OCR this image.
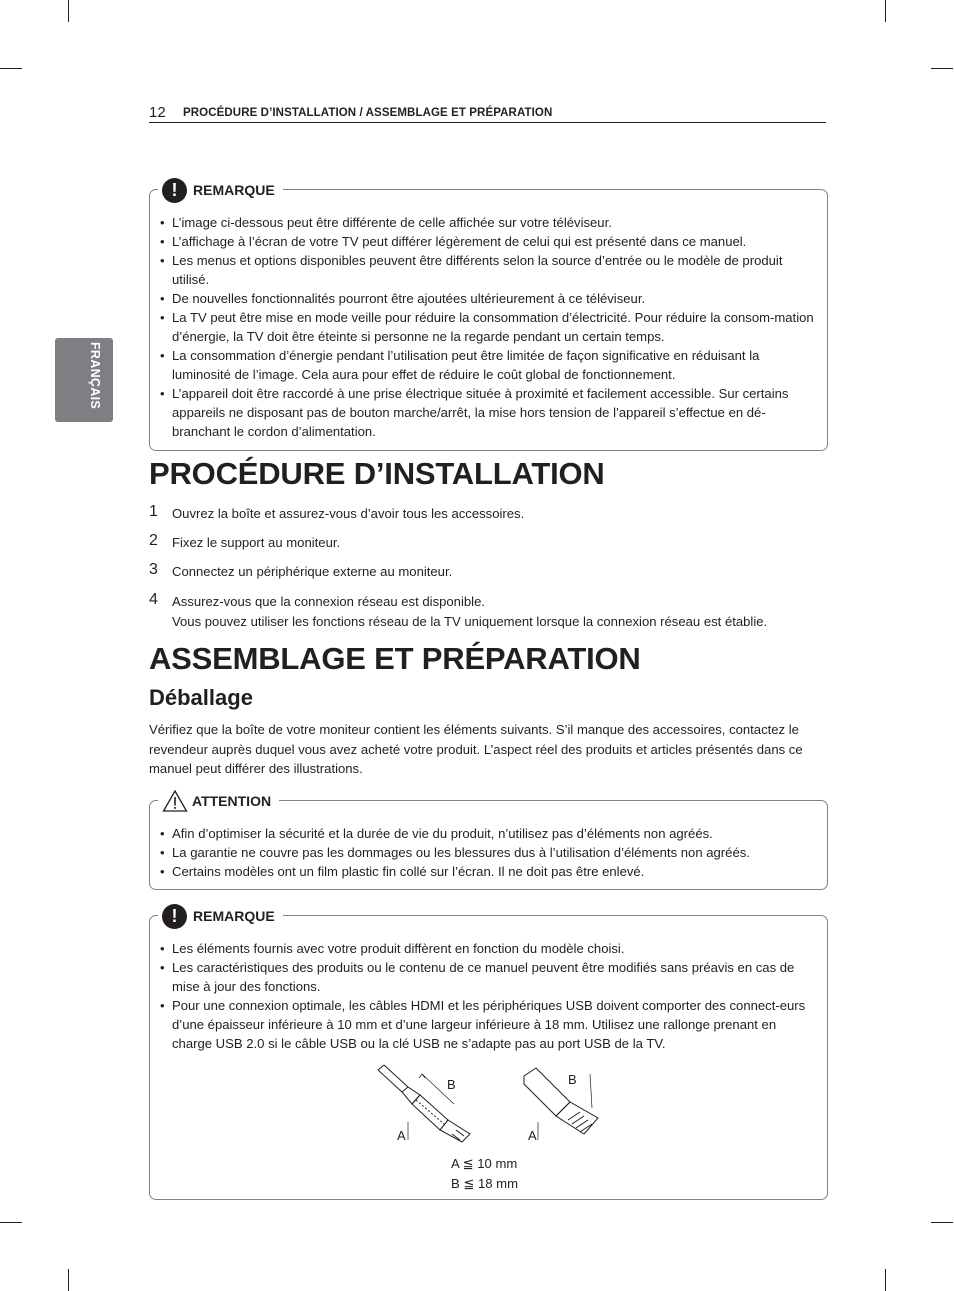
12 PROCÉDURE D’INSTALLATION / ASSEMBLAGE ET PRÉPARATION
FRANÇAIS
!	REMARQUE
• L’image ci-dessous peut être différente de celle affichée sur votre téléviseur.
• L’affichage à l’écran de votre TV peut différer légèrement de celui qui est présenté dans ce manuel.
• Les menus et options disponibles peuvent être différents selon la source d’entrée ou le modèle de produit utilisé.
• De nouvelles fonctionnalités pourront être ajoutées ultérieurement à ce téléviseur.
• La TV peut être mise en mode veille pour réduire la consommation d’électricité. Pour réduire la consom-mation d’énergie, la TV doit être éteinte si personne ne la regarde pendant un certain temps.
• La consommation d’énergie pendant l’utilisation peut être limitée de façon significative en réduisant la luminosité de l’image. Cela aura pour effet de réduire le coût global de fonctionnement.
• L’appareil doit être raccordé à une prise électrique située à proximité et facilement accessible. Sur certains appareils ne disposant pas de bouton marche/arrêt, la mise hors tension de l’appareil s’effectue en dé-branchant le cordon d’alimentation.
PROCÉDURE D’INSTALLATION
1 Ouvrez la boîte et assurez-vous d’avoir tous les accessoires.
2 Fixez le support au moniteur.
3 Connectez un périphérique externe au moniteur.
4 Assurez-vous que la connexion réseau est disponible.
Vous pouvez utiliser les fonctions réseau de la TV uniquement lorsque la connexion réseau est établie.
ASSEMBLAGE ET PRÉPARATION
Déballage
Vérifiez que la boîte de votre moniteur contient les éléments suivants. S’il manque des accessoires, contactez le revendeur auprès duquel vous avez acheté votre produit. L’aspect réel des produits et articles présentés dans ce manuel peut différer des illustrations.
ATTENTION
• Afin d’optimiser la sécurité et la durée de vie du produit, n’utilisez pas d’éléments non agréés.
• La garantie ne couvre pas les dommages ou les blessures dus à l’utilisation d’éléments non agréés.
• Certains modèles ont un film plastic fin collé sur l’écran. Il ne doit pas être enlevé.
!	REMARQUE
• Les éléments fournis avec votre produit diffèrent en fonction du modèle choisi.
• Les caractéristiques des produits ou le contenu de ce manuel peuvent être modifiés sans préavis en cas de mise à jour des fonctions.
• Pour une connexion optimale, les câbles HDMI et les périphériques USB doivent comporter des connect-eurs d’une épaisseur inférieure à 10 mm et d’une largeur inférieure à 18 mm. Utilisez une rallonge prenant en charge USB 2.0 si le câble USB ou la clé USB ne s’adapte pas au port USB de la TV.
B
A
B
A
A ≦ 10 mm
B ≦ 18 mm
